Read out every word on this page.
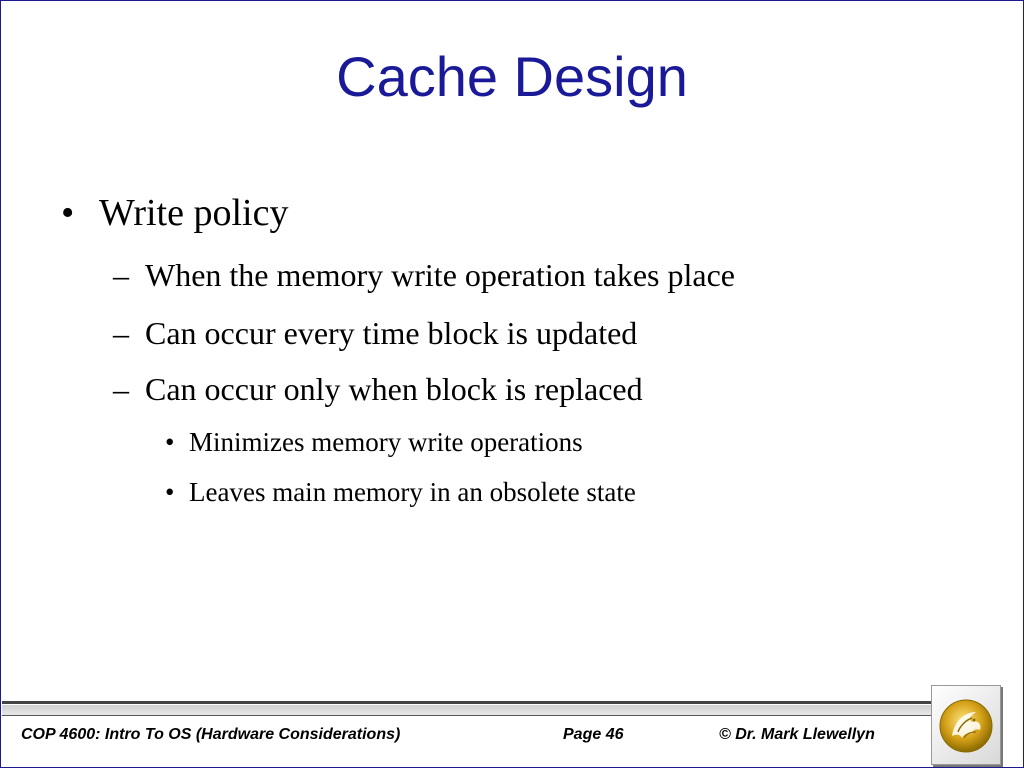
Cache Design
• Write policy
– When the memory write operation takes place
– Can occur every time block is updated
– Can occur only when block is replaced
• Minimizes memory write operations
• Leaves main memory in an obsolete state
COP 4600: Intro To OS (Hardware Considerations)	Page 46	© Dr. Mark Llewellyn
